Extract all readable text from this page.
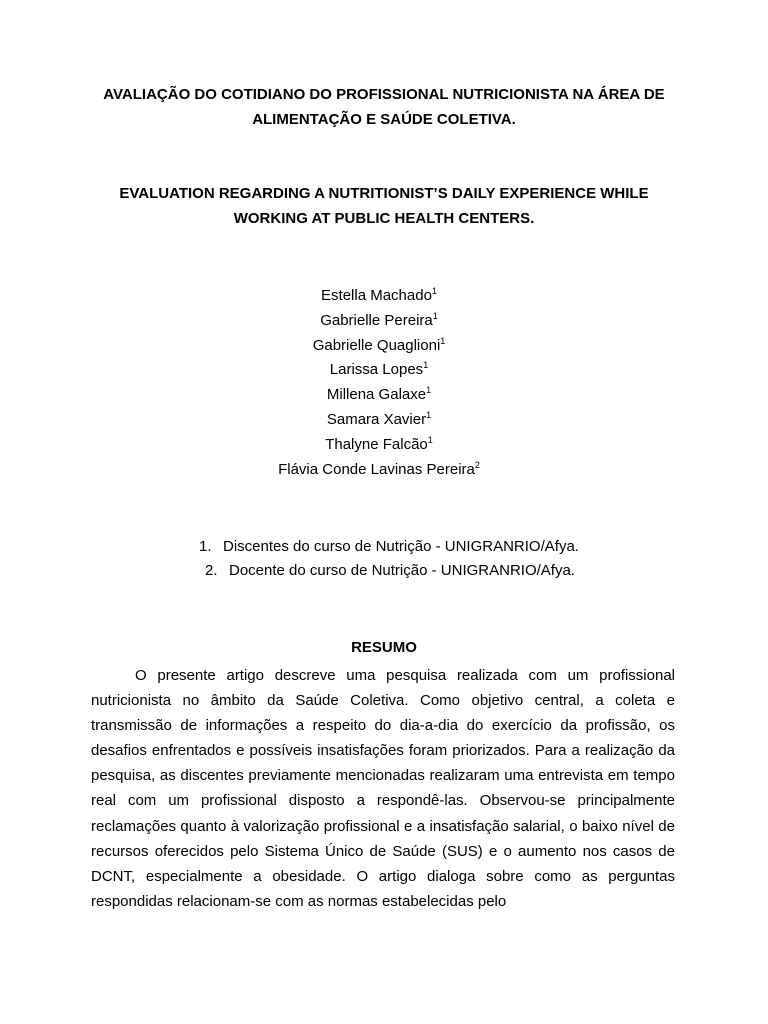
AVALIAÇÃO DO COTIDIANO DO PROFISSIONAL NUTRICIONISTA NA ÁREA DE
ALIMENTAÇÃO E SAÚDE COLETIVA.
EVALUATION REGARDING A NUTRITIONIST’S DAILY EXPERIENCE WHILE
WORKING AT PUBLIC HEALTH CENTERS.
Estella Machado$^1$
Gabrielle Pereira$^1$
Gabrielle Quaglioni$^1$
Larissa Lopes$^1$
Millena Galaxe$^1$
Samara Xavier$^1$
Thalyne Falcão$^1$
Flávia Conde Lavinas Pereira$^2$
1. Discentes do curso de Nutrição - UNIGRANRIO/Afya.
2. Docente do curso de Nutrição - UNIGRANRIO/Afya.
RESUMO
O presente artigo descreve uma pesquisa realizada com um profissional nutricionista no âmbito da Saúde Coletiva. Como objetivo central, a coleta e transmissão de informações a respeito do dia-a-dia do exercício da profissão, os desafios enfrentados e possíveis insatisfações foram priorizados. Para a realização da pesquisa, as discentes previamente mencionadas realizaram uma entrevista em tempo real com um profissional disposto a respondê-las. Observou-se principalmente reclamações quanto à valorização profissional e a insatisfação salarial, o baixo nível de recursos oferecidos pelo Sistema Único de Saúde (SUS) e o aumento nos casos de DCNT, especialmente a obesidade. O artigo dialoga sobre como as perguntas respondidas relacionam-se com as normas estabelecidas pelo
